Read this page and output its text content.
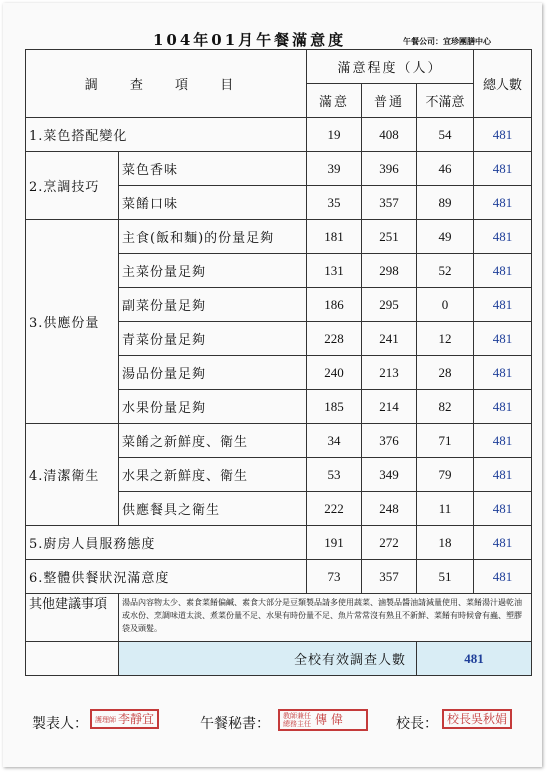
104年01月午餐滿意度	午餐公司：宜珍團膳中心
調 查 項 目		滿意程度（人）			總人數
		滿意	普通	不滿意	
1.菜色搭配變化		19	408	54	481
2.烹調技巧	菜色香味	39	396	46	481
	菜餚口味	35	357	89	481
3.供應份量	主食(飯和麵)的份量足夠	181	251	49	481
	主菜份量足夠	131	298	52	481
	副菜份量足夠	186	295	0	481
	青菜份量足夠	228	241	12	481
	湯品份量足夠	240	213	28	481
	水果份量足夠	185	214	82	481
4.清潔衛生	菜餚之新鮮度、衛生	34	376	71	481
	水果之新鮮度、衛生	53	349	79	481
	供應餐具之衛生	222	248	11	481
5.廚房人員服務態度		191	272	18	481
6.整體供餐狀況滿意度		73	357	51	481
其他建議事項	湯品內容物太少、素食菜餚偏鹹、素食大部分是豆類製品請多使用蔬菜、滷製品醬油請減量使用、菜餚湯汁過乾油或水份、烹調味道太淡、煮菜份量不足、水果有時份量不足、魚片常常沒有熟且不新鮮、菜餚有時候會有蟲、塑膠袋及頭髮。				
	全校有效調查人數			481	
製表人：	護理師 李靜宜	午餐秘書：	教師兼任總務主任 傳 偉	校長： 校長吳秋娟
